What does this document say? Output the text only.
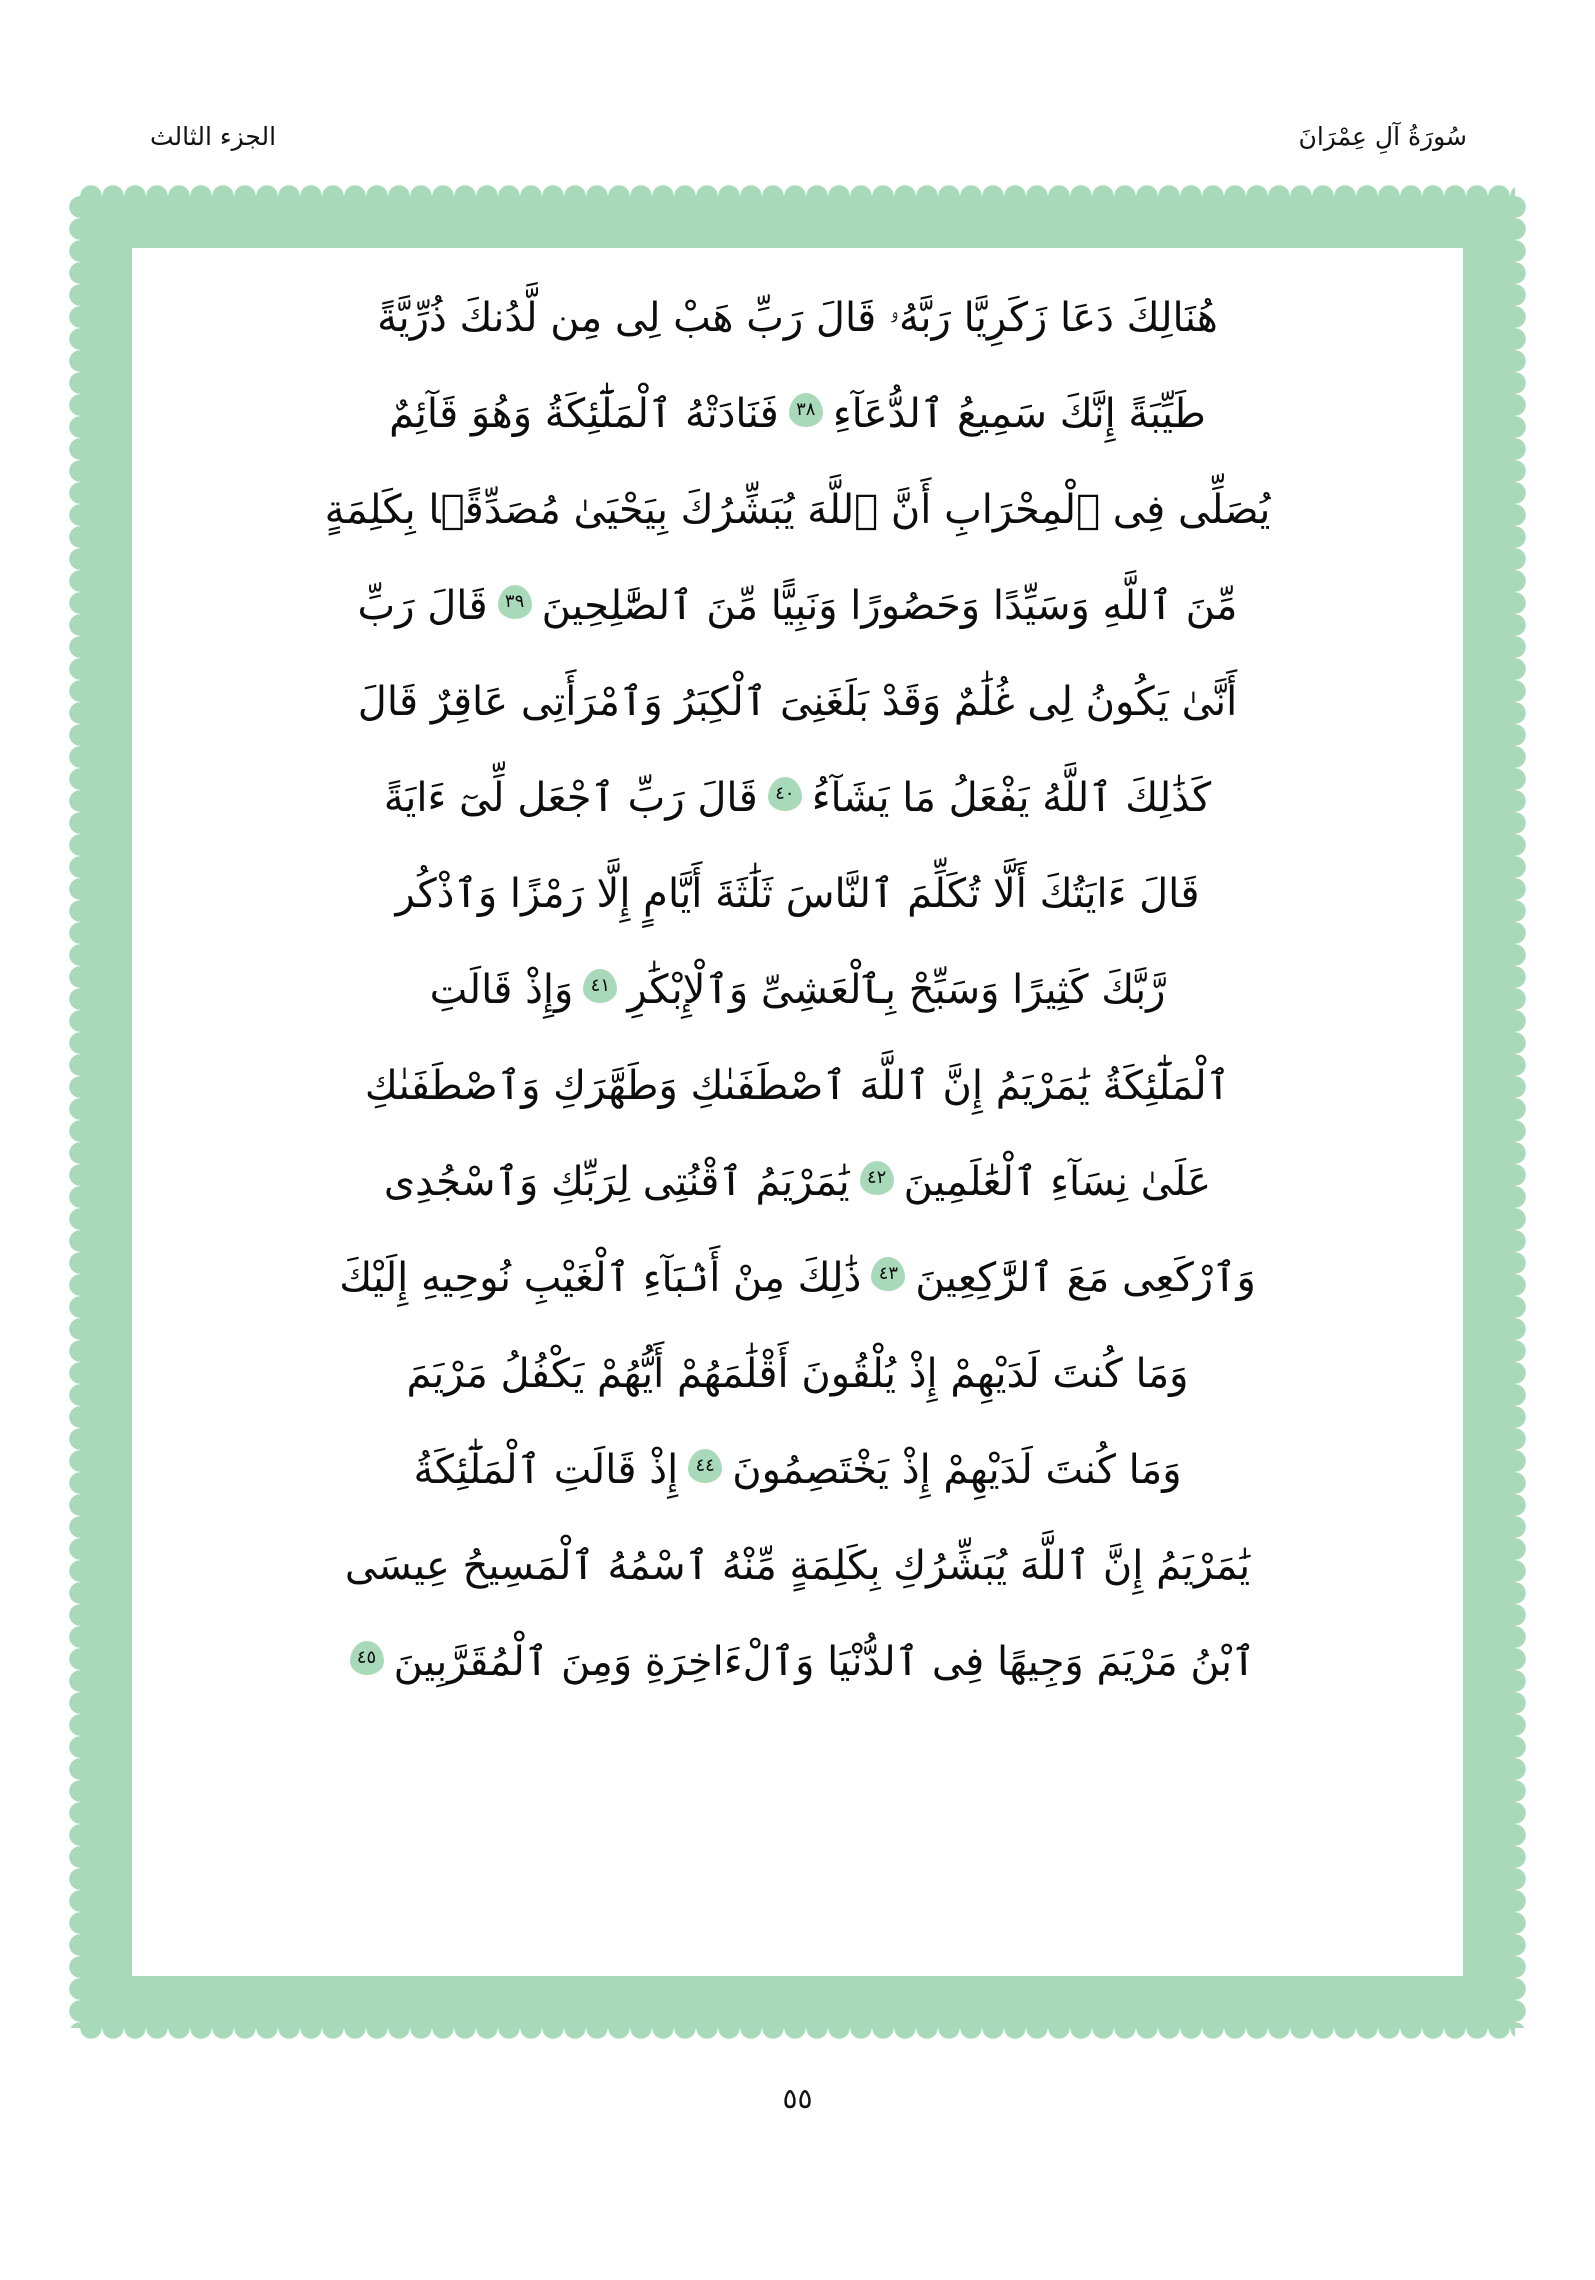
الجزء الثالث	سُورَةُ آلِ عِمْرَانَ
هُنَالِكَ دَعَا زَكَرِيَّا رَبَّهُۥ قَالَ رَبِّ هَبْ لِى مِن لَّدُنكَ ذُرِّيَّةً
طَيِّبَةً إِنَّكَ سَمِيعُ ٱلدُّعَآءِ٣٨فَنَادَتْهُ ٱلْمَلَٰٓئِكَةُ وَهُوَ قَآئِمٌ
يُصَلِّى فِى ٱلْمِحْرَابِ أَنَّ ٱللَّهَ يُبَشِّرُكَ بِيَحْيَىٰ مُصَدِّقًۢا بِكَلِمَةٍ
مِّنَ ٱللَّهِ وَسَيِّدًا وَحَصُورًا وَنَبِيًّا مِّنَ ٱلصَّٰلِحِينَ٣٩قَالَ رَبِّ
أَنَّىٰ يَكُونُ لِى غُلَٰمٌ وَقَدْ بَلَغَنِىَ ٱلْكِبَرُ وَٱمْرَأَتِى عَاقِرٌ قَالَ
كَذَٰلِكَ ٱللَّهُ يَفْعَلُ مَا يَشَآءُ٤٠قَالَ رَبِّ ٱجْعَل لِّىٓ ءَايَةً
قَالَ ءَايَتُكَ أَلَّا تُكَلِّمَ ٱلنَّاسَ ثَلَٰثَةَ أَيَّامٍ إِلَّا رَمْزًا وَٱذْكُر
رَّبَّكَ كَثِيرًا وَسَبِّحْ بِٱلْعَشِىِّ وَٱلْإِبْكَٰرِ٤١وَإِذْ قَالَتِ
ٱلْمَلَٰٓئِكَةُ يَٰمَرْيَمُ إِنَّ ٱللَّهَ ٱصْطَفَىٰكِ وَطَهَّرَكِ وَٱصْطَفَىٰكِ
عَلَىٰ نِسَآءِ ٱلْعَٰلَمِينَ٤٢يَٰمَرْيَمُ ٱقْنُتِى لِرَبِّكِ وَٱسْجُدِى
وَٱرْكَعِى مَعَ ٱلرَّٰكِعِينَ٤٣ذَٰلِكَ مِنْ أَنۢبَآءِ ٱلْغَيْبِ نُوحِيهِ إِلَيْكَ
وَمَا كُنتَ لَدَيْهِمْ إِذْ يُلْقُونَ أَقْلَٰمَهُمْ أَيُّهُمْ يَكْفُلُ مَرْيَمَ
وَمَا كُنتَ لَدَيْهِمْ إِذْ يَخْتَصِمُونَ٤٤إِذْ قَالَتِ ٱلْمَلَٰٓئِكَةُ
يَٰمَرْيَمُ إِنَّ ٱللَّهَ يُبَشِّرُكِ بِكَلِمَةٍ مِّنْهُ ٱسْمُهُ ٱلْمَسِيحُ عِيسَى
ٱبْنُ مَرْيَمَ وَجِيهًا فِى ٱلدُّنْيَا وَٱلْءَاخِرَةِ وَمِنَ ٱلْمُقَرَّبِينَ٤٥
٥٥
